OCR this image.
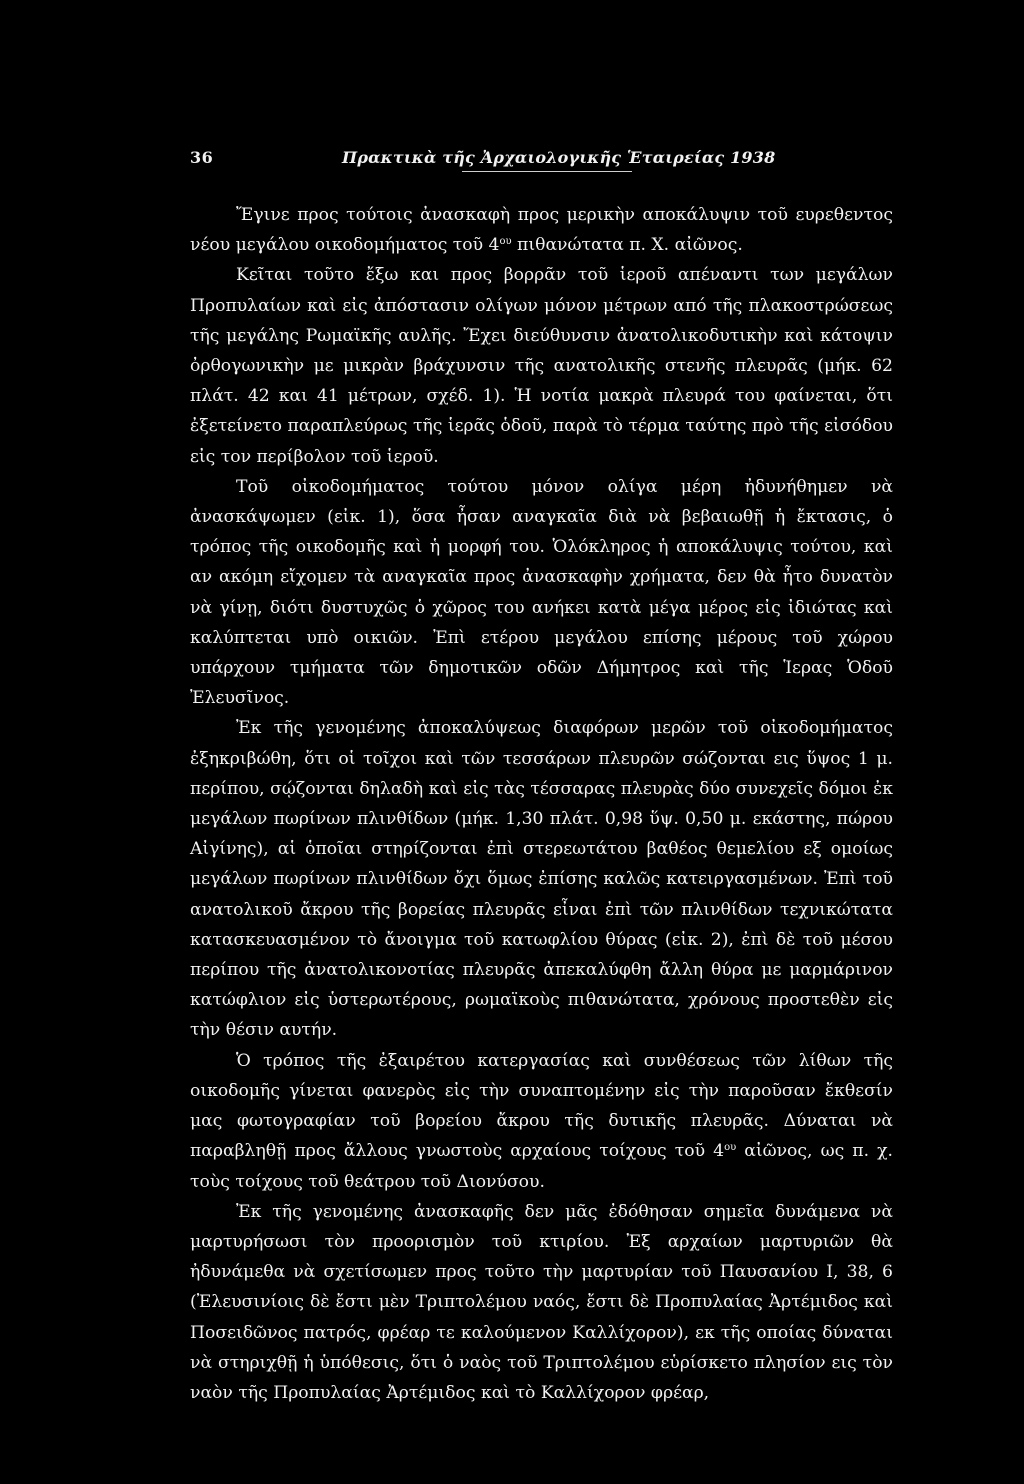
36	Πρακτικὰ τῆς Ἀρχαιολογικῆς Ἑταιρείας 1938

Ἔγινε προς τούτοις ἀνασκαφὴ προς μερικὴν αποκάλυψιν τοῦ ευρεθεντος νέου μεγάλου οικοδομήματος τοῦ $4^{o\upsilon}$ πιθανώτατα π. Χ. αἰῶνος.

Κεῖται τοῦτο ἔξω και προς βορρᾶν τοῦ ἱεροῦ απέναντι των μεγάλων Προπυλαίων καὶ εἰς ἀπόστασιν ολίγων μόνον μέτρων από τῆς πλακοστρώσεως τῆς μεγάλης Ρωμαϊκῆς αυλῆς. Ἔχει διεύθυνσιν ἀνατολικοδυτικὴν καὶ κάτοψιν ὀρθογωνικὴν με μικρὰν βράχυνσιν τῆς ανατολικῆς στενῆς πλευρᾶς (μήκ. 62 πλάτ. 42 και 41 μέτρων, σχέδ. 1). Ἡ νοτία μακρὰ πλευρά του φαίνεται, ὅτι ἐξετείνετο παραπλεύρως τῆς ἱερᾶς ὁδοῦ, παρὰ τὸ τέρμα ταύτης πρὸ τῆς εἰσόδου εἰς τον περίβολον τοῦ ἱεροῦ.

Τοῦ οἰκοδομήματος τούτου μόνον ολίγα μέρη ἠδυνήθημεν νὰ ἀνασκάψωμεν (εἰκ. 1), ὅσα ἦσαν αναγκαῖα διὰ νὰ βεβαιωθῇ ἡ ἔκτασις, ὁ τρόπος τῆς οικοδομῆς καὶ ἡ μορφή του. Ὁλόκληρος ἡ αποκάλυψις τούτου, καὶ αν ακόμη εἴχομεν τὰ αναγκαῖα προς ἀνασκαφὴν χρήματα, δεν θὰ ἦτο δυνατὸν νὰ γίνῃ, διότι δυστυχῶς ὁ χῶρος του ανήκει κατὰ μέγα μέρος εἰς ἰδιώτας καὶ καλύπτεται υπὸ οικιῶν. Ἐπὶ ετέρου μεγάλου επίσης μέρους τοῦ χώρου υπάρχουν τμήματα τῶν δημοτικῶν οδῶν Δήμητρος καὶ τῆς Ἱερας Ὁδοῦ Ἐλευσῖνος.

Ἐκ τῆς γενομένης ἀποκαλύψεως διαφόρων μερῶν τοῦ οἰκοδομήματος ἐξηκριβώθη, ὅτι οἱ τοῖχοι καὶ τῶν τεσσάρων πλευρῶν σώζονται εις ὕψος 1 μ. περίπου, σῴζονται δηλαδὴ καὶ εἰς τὰς τέσσαρας πλευρὰς δύο συνεχεῖς δόμοι ἐκ μεγάλων πωρίνων πλινθίδων (μήκ. 1,30 πλάτ. 0,98 ὕψ. 0,50 μ. εκάστης, πώρου Αἰγίνης), αἱ ὁποῖαι στηρίζονται ἐπὶ στερεωτάτου βαθέος θεμελίου εξ ομοίως μεγάλων πωρίνων πλινθίδων ὄχι ὅμως ἐπίσης καλῶς κατειργασμένων. Ἐπὶ τοῦ ανατολικοῦ ἄκρου τῆς βορείας πλευρᾶς εἶναι ἐπὶ τῶν πλινθίδων τεχνικώτατα κατασκευασμένον τὸ ἄνοιγμα τοῦ κατωφλίου θύρας (εἰκ. 2), ἐπὶ δὲ τοῦ μέσου περίπου τῆς ἀνατολικονοτίας πλευρᾶς ἀπεκαλύφθη ἄλλη θύρα με μαρμάρινον κατώφλιον εἰς ὑστερωτέρους, ρωμαϊκοὺς πιθανώτατα, χρόνους προστεθὲν εἰς τὴν θέσιν αυτήν.

Ὁ τρόπος τῆς ἐξαιρέτου κατεργασίας καὶ συνθέσεως τῶν λίθων τῆς οικοδομῆς γίνεται φανερὸς εἰς τὴν συναπτομένην εἰς τὴν παροῦσαν ἔκθεσίν μας φωτογραφίαν τοῦ βορείου ἄκρου τῆς δυτικῆς πλευρᾶς. Δύναται νὰ παραβληθῇ προς ἄλλους γνωστοὺς αρχαίους τοίχους τοῦ $4^{o\upsilon}$ αἰῶνος, ως π. χ. τοὺς τοίχους τοῦ θεάτρου τοῦ Διονύσου.

Ἐκ τῆς γενομένης ἀνασκαφῆς δεν μᾶς ἐδόθησαν σημεῖα δυνάμενα νὰ μαρτυρήσωσι τὸν προορισμὸν τοῦ κτιρίου. Ἐξ αρχαίων μαρτυριῶν θὰ ἠδυνάμεθα νὰ σχετίσωμεν προς τοῦτο τὴν μαρτυρίαν τοῦ Παυσανίου Ι, 38, 6 (Ἐλευσινίοις δὲ ἔστι μὲν Τριπτολέμου ναός, ἔστι δὲ Προπυλαίας Ἀρτέμιδος καὶ Ποσειδῶνος πατρός, φρέαρ τε καλούμενον Καλλίχορον), εκ τῆς οποίας δύναται νὰ στηριχθῇ ἡ ὑπόθεσις, ὅτι ὁ ναὸς τοῦ Τριπτολέμου εὑρίσκετο πλησίον εις τὸν ναὸν τῆς Προπυλαίας Ἀρτέμιδος καὶ τὸ Καλλίχορον φρέαρ,
